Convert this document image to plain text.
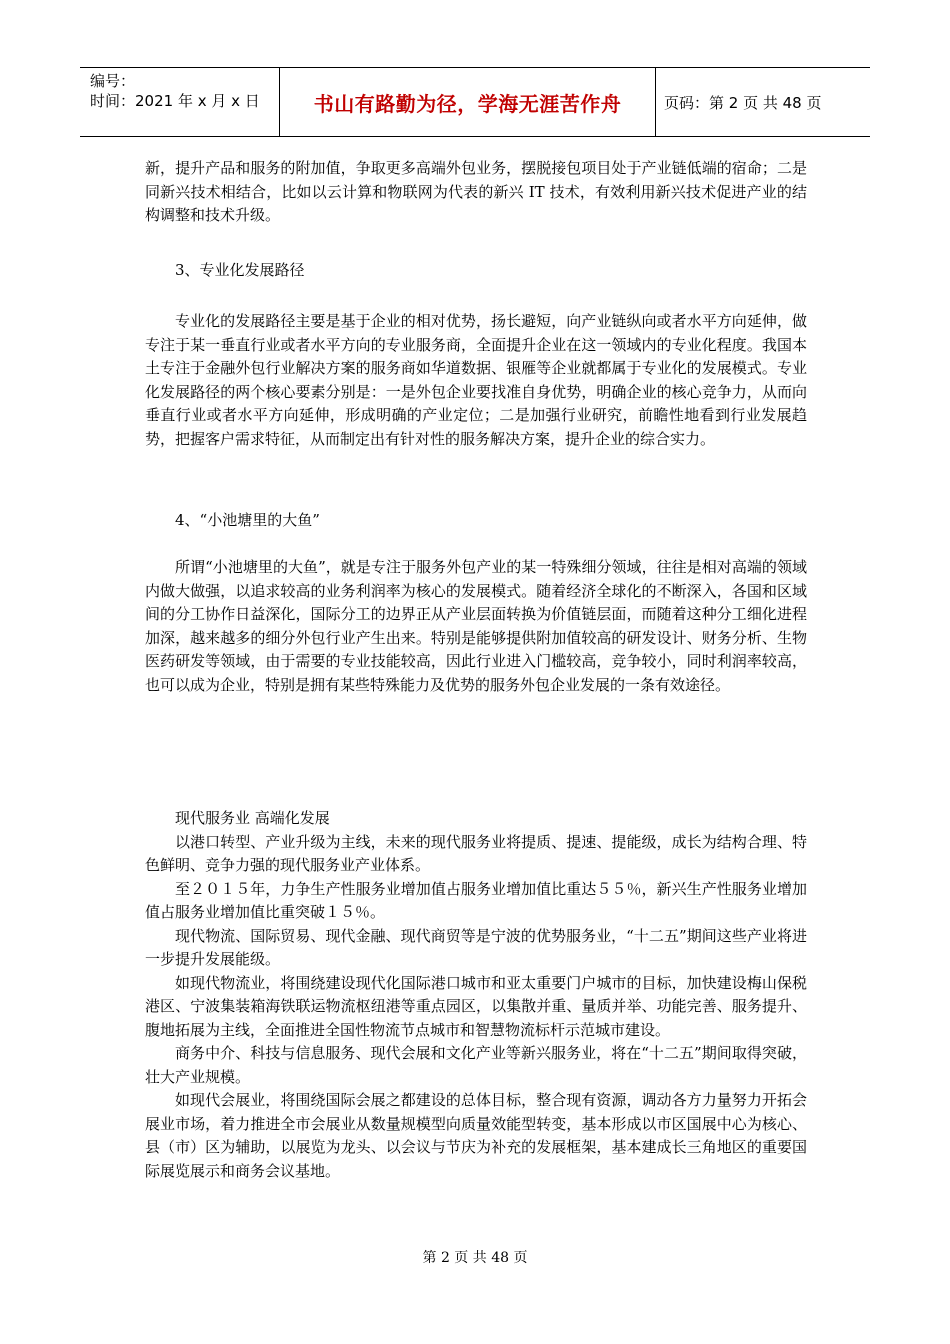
编号：
时间：2021 年 x 月 x 日	书山有路勤为径，学海无涯苦作舟	页码：第 2 页 共 48 页

新，提升产品和服务的附加值，争取更多高端外包业务，摆脱接包项目处于产业链低端的宿命；二是同新兴技术相结合，比如以云计算和物联网为代表的新兴 IT 技术，有效利用新兴技术促进产业的结构调整和技术升级。

3、专业化发展路径

专业化的发展路径主要是基于企业的相对优势，扬长避短，向产业链纵向或者水平方向延伸，做专注于某一垂直行业或者水平方向的专业服务商，全面提升企业在这一领域内的专业化程度。我国本土专注于金融外包行业解决方案的服务商如华道数据、银雁等企业就都属于专业化的发展模式。专业化发展路径的两个核心要素分别是：一是外包企业要找准自身优势，明确企业的核心竞争力，从而向垂直行业或者水平方向延伸，形成明确的产业定位；二是加强行业研究，前瞻性地看到行业发展趋势，把握客户需求特征，从而制定出有针对性的服务解决方案，提升企业的综合实力。

4、“小池塘里的大鱼”

所谓“小池塘里的大鱼”，就是专注于服务外包产业的某一特殊细分领域，往往是相对高端的领域内做大做强，以追求较高的业务利润率为核心的发展模式。随着经济全球化的不断深入，各国和区域间的分工协作日益深化，国际分工的边界正从产业层面转换为价值链层面，而随着这种分工细化进程加深，越来越多的细分外包行业产生出来。特别是能够提供附加值较高的研发设计、财务分析、生物医药研发等领域，由于需要的专业技能较高，因此行业进入门槛较高，竞争较小，同时利润率较高，也可以成为企业，特别是拥有某些特殊能力及优势的服务外包企业发展的一条有效途径。

现代服务业 高端化发展

以港口转型、产业升级为主线，未来的现代服务业将提质、提速、提能级，成长为结构合理、特色鲜明、竞争力强的现代服务业产业体系。

至２０１５年，力争生产性服务业增加值占服务业增加值比重达５５％，新兴生产性服务业增加值占服务业增加值比重突破１５％。

现代物流、国际贸易、现代金融、现代商贸等是宁波的优势服务业，“十二五”期间这些产业将进一步提升发展能级。

如现代物流业，将围绕建设现代化国际港口城市和亚太重要门户城市的目标，加快建设梅山保税港区、宁波集装箱海铁联运物流枢纽港等重点园区，以集散并重、量质并举、功能完善、服务提升、腹地拓展为主线，全面推进全国性物流节点城市和智慧物流标杆示范城市建设。

商务中介、科技与信息服务、现代会展和文化产业等新兴服务业，将在“十二五”期间取得突破，壮大产业规模。

如现代会展业，将围绕国际会展之都建设的总体目标，整合现有资源，调动各方力量努力开拓会展业市场，着力推进全市会展业从数量规模型向质量效能型转变，基本形成以市区国展中心为核心、县（市）区为辅助，以展览为龙头、以会议与节庆为补充的发展框架，基本建成长三角地区的重要国际展览展示和商务会议基地。

第 2 页 共 48 页
